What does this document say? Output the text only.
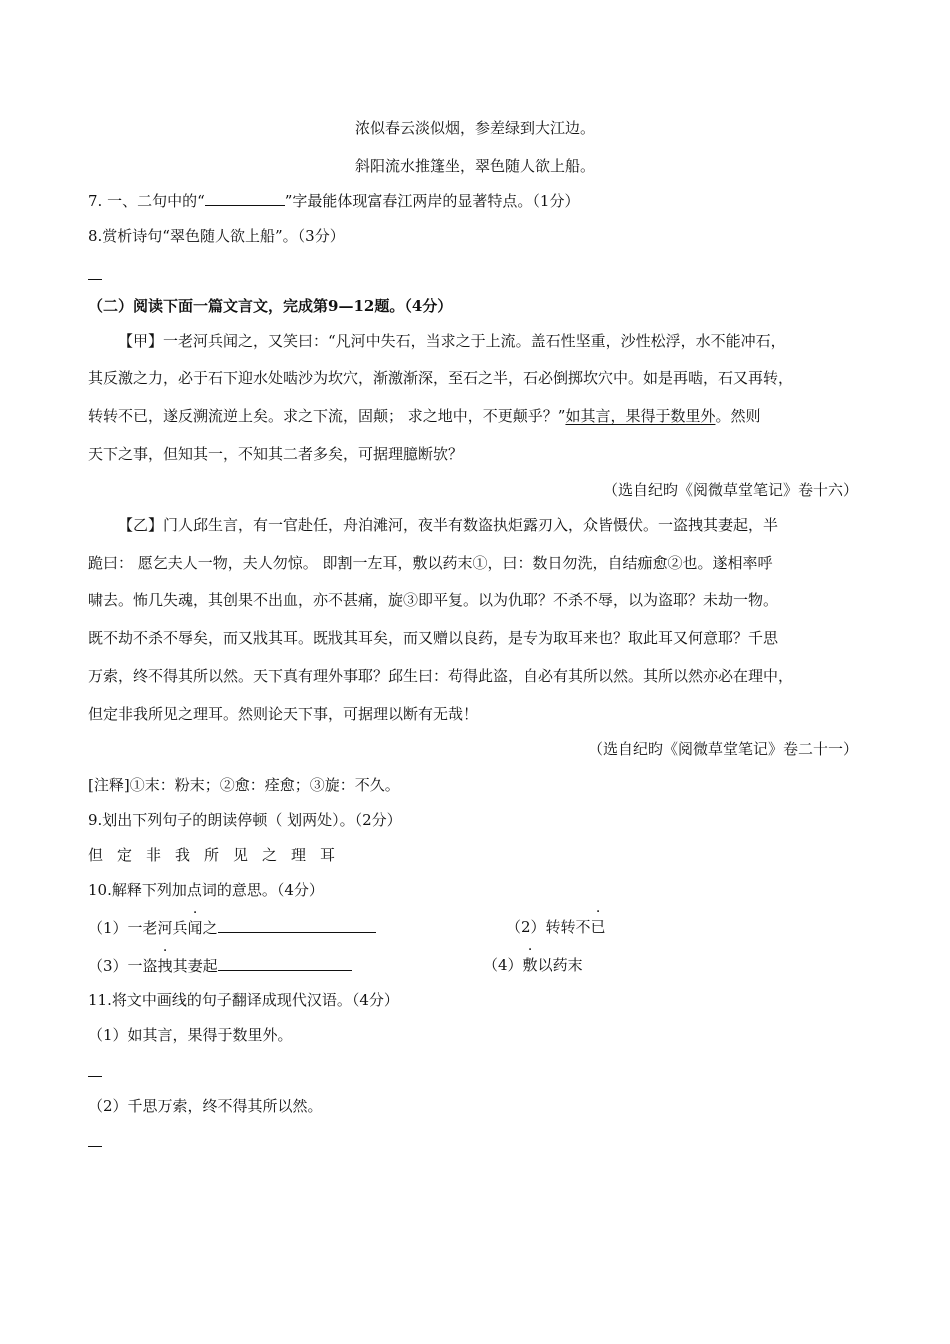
浓似春云淡似烟，参差绿到大江边。
斜阳流水推篷坐，翠色随人欲上船。
7. 一、二句中的“	”字最能体现富春江两岸的显著特点。（1分）
8.赏析诗句“翠色随人欲上船”。（3分）
（二）阅读下面一篇文言文，完成第9—12题。（4分）
【甲】一老河兵闻之，又笑曰：“凡河中失石，当求之于上流。盖石性坚重，沙性松浮，水不能冲石，
其反激之力，必于石下迎水处啮沙为坎穴，渐激渐深，至石之半，石必倒掷坎穴中。如是再啮，石又再转，
转转不已，遂反溯流逆上矣。求之下流，固颠； 求之地中，不更颠乎？”如其言，果得于数里外。然则
天下之事，但知其一，不知其二者多矣，可据理臆断欤？
（选自纪昀《阅微草堂笔记》卷十六）
【乙】门人邱生言，有一官赴任，舟泊滩河，夜半有数盗执炬露刃入，众皆慑伏。一盗拽其妻起，半
跪曰： 愿乞夫人一物，夫人勿惊。 即割一左耳，敷以药末①，曰：数日勿洗，自结痂愈②也。遂相率呼
啸去。怖几失魂，其创果不出血，亦不甚痛，旋③即平复。以为仇耶？不杀不辱，以为盗耶？未劫一物。
既不劫不杀不辱矣，而又戕其耳。既戕其耳矣，而又赠以良药，是专为取耳来也？取此耳又何意耶？千思
万索，终不得其所以然。天下真有理外事耶？邱生曰：苟得此盗，自必有其所以然。其所以然亦必在理中，
但定非我所见之理耳。然则论天下事，可据理以断有无哉！
（选自纪昀《阅微草堂笔记》卷二十一）
[注释]①末：粉末；②愈：痊愈；③旋：不久。
9.划出下列句子的朗读停顿（ 划两处）。（2分）
但定非我所见之理耳
10.解释下列加点词的意思。（4分）
（1）一老河兵闻之	（2）转转不已
（3）一盗拽其妻起	（4）敷以药末
11.将文中画线的句子翻译成现代汉语。（4分）
（1）如其言，果得于数里外。
（2）千思万索，终不得其所以然。
